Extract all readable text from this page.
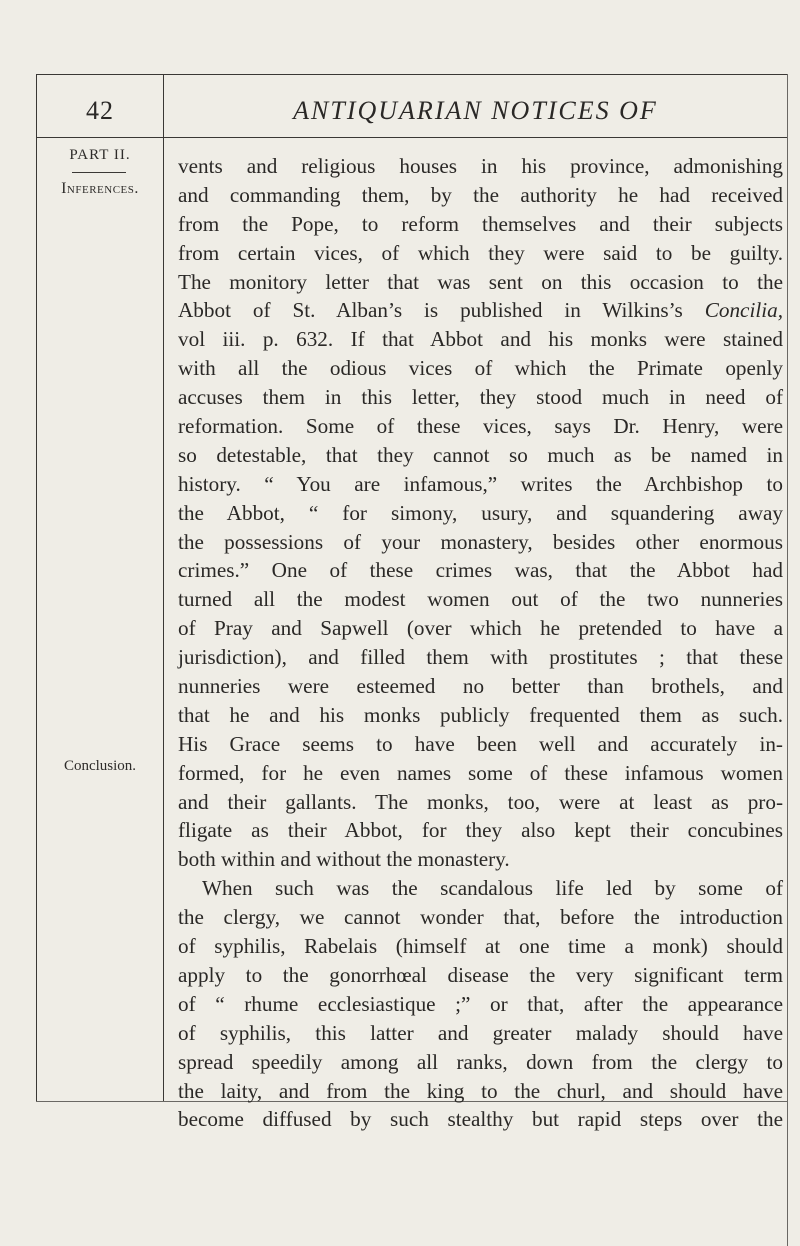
42	ANTIQUARIAN NOTICES OF
PART II.
Inferences.
Conclusion.
vents and religious houses in his province, admonishing
and commanding them, by the authority he had received
from the Pope, to reform themselves and their subjects
from certain vices, of which they were said to be guilty.
The monitory letter that was sent on this occasion to the
Abbot of St. Alban’s is published in Wilkins’s Concilia,
vol iii. p. 632. If that Abbot and his monks were stained
with all the odious vices of which the Primate openly
accuses them in this letter, they stood much in need of
reformation. Some of these vices, says Dr. Henry, were
so detestable, that they cannot so much as be named in
history. “ You are infamous,” writes the Archbishop to
the Abbot, “ for simony, usury, and squandering away
the possessions of your monastery, besides other enormous
crimes.” One of these crimes was, that the Abbot had
turned all the modest women out of the two nunneries
of Pray and Sapwell (over which he pretended to have a
jurisdiction), and filled them with prostitutes ; that these
nunneries were esteemed no better than brothels, and
that he and his monks publicly frequented them as such.
His Grace seems to have been well and accurately in-
formed, for he even names some of these infamous women
and their gallants. The monks, too, were at least as pro-
fligate as their Abbot, for they also kept their concubines
both within and without the monastery.
When such was the scandalous life led by some of
the clergy, we cannot wonder that, before the introduction
of syphilis, Rabelais (himself at one time a monk) should
apply to the gonorrhœal disease the very significant term
of “ rhume ecclesiastique ;” or that, after the appearance
of syphilis, this latter and greater malady should have
spread speedily among all ranks, down from the clergy to
the laity, and from the king to the churl, and should have
become diffused by such stealthy but rapid steps over the
